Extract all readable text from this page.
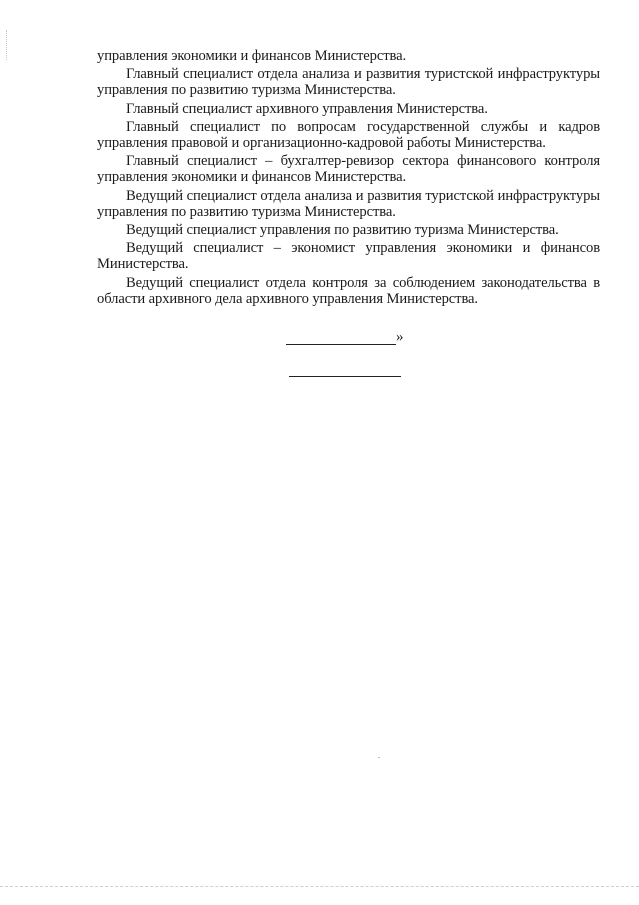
управления экономики и финансов Министерства.

Главный специалист отдела анализа и развития туристской инфраструктуры управления по развитию туризма Министерства.

Главный специалист архивного управления Министерства.

Главный специалист по вопросам государственной службы и кадров управления правовой и организационно-кадровой работы Министерства.

Главный специалист – бухгалтер-ревизор сектора финансового контроля управления экономики и финансов Министерства.

Ведущий специалист отдела анализа и развития туристской инфраструктуры управления по развитию туризма Министерства.

Ведущий специалист управления по развитию туризма Министерства.

Ведущий специалист – экономист управления экономики и финансов Министерства.

Ведущий специалист отдела контроля за соблюдением законодательства в области архивного дела архивного управления Министерства.

»
